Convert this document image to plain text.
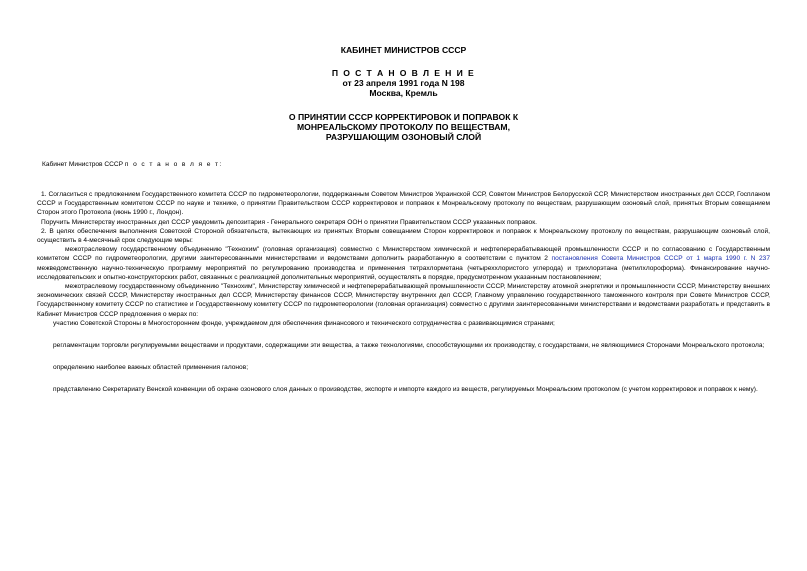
КАБИНЕТ МИНИСТРОВ СССР
П О С Т А Н О В Л Е Н И Е
от 23 апреля 1991 года N 198
Москва, Кремль
О ПРИНЯТИИ СССР КОРРЕКТИРОВОК И ПОПРАВОК К
МОНРЕАЛЬСКОМУ ПРОТОКОЛУ ПО ВЕЩЕСТВАМ,
РАЗРУШАЮЩИМ ОЗОНОВЫЙ СЛОЙ

Кабинет Министров СССР п о с т а н о в л я е т:

1. Согласиться с предложением Государственного комитета СССР по гидрометеорологии, поддержанным Советом Министров Украинской ССР, Советом Министров Белорусской ССР, Министерством иностранных дел СССР, Госпланом СССР и Государственным комитетом СССР по науке и технике, о принятии Правительством СССР корректировок и поправок к Монреальскому протоколу по веществам, разрушающим озоновый слой, принятых Вторым совещанием Сторон этого Протокола (июнь 1990 г., Лондон).

Поручить Министерству иностранных дел СССР уведомить депозитария - Генерального секретаря ООН о принятии Правительством СССР указанных поправок.

2. В целях обеспечения выполнения Советской Стороной обязательств, вытекающих из принятых Вторым совещанием Сторон корректировок и поправок к Монреальскому протоколу по веществам, разрушающим озоновый слой, осуществить в 4-месячный срок следующие меры:

межотраслевому государственному объединению "Технохим" (головная организация) совместно с Министерством химической и нефтеперерабатывающей промышленности СССР и по согласованию с Государственным комитетом СССР по гидрометеорологии, другими заинтересованными министерствами и ведомствами дополнить разработанную в соответствии с пунктом 2 постановления Совета Министров СССР от 1 марта 1990 г. N 237 межведомственную научно-техническую программу мероприятий по регулированию производства и применения тетрахлорметана (четыреххлористого углерода) и трихлорэтана (метилхлороформа). Финансирование научно-исследовательских и опытно-конструкторских работ, связанных с реализацией дополнительных мероприятий, осуществлять в порядке, предусмотренном указанным постановлением;

межотраслевому государственному объединению "Технохим", Министерству химической и нефтеперерабатывающей промышленности СССР, Министерству атомной энергетики и промышленности СССР, Министерству внешних экономических связей СССР, Министерству иностранных дел СССР, Министерству финансов СССР, Министерству внутренних дел СССР, Главному управлению государственного таможенного контроля при Совете Министров СССР, Государственному комитету СССР по статистике и Государственному комитету СССР по гидрометеорологии (головная организация) совместно с другими заинтересованными министерствами и ведомствами разработать и представить в Кабинет Министров СССР предложения о мерах по:

участию Советской Стороны в Многостороннем фонде, учреждаемом для обеспечения финансового и технического сотрудничества с развивающимися странами;

регламентации торговли регулируемыми веществами и продуктами, содержащими эти вещества, а также технологиями, способствующими их производству, с государствами, не являющимися Сторонами Монреальского протокола;

определению наиболее важных областей применения галонов;

представлению Секретариату Венской конвенции об охране озонового слоя данных о производстве, экспорте и импорте каждого из веществ, регулируемых Монреальским протоколом (с учетом корректировок и поправок к нему).
